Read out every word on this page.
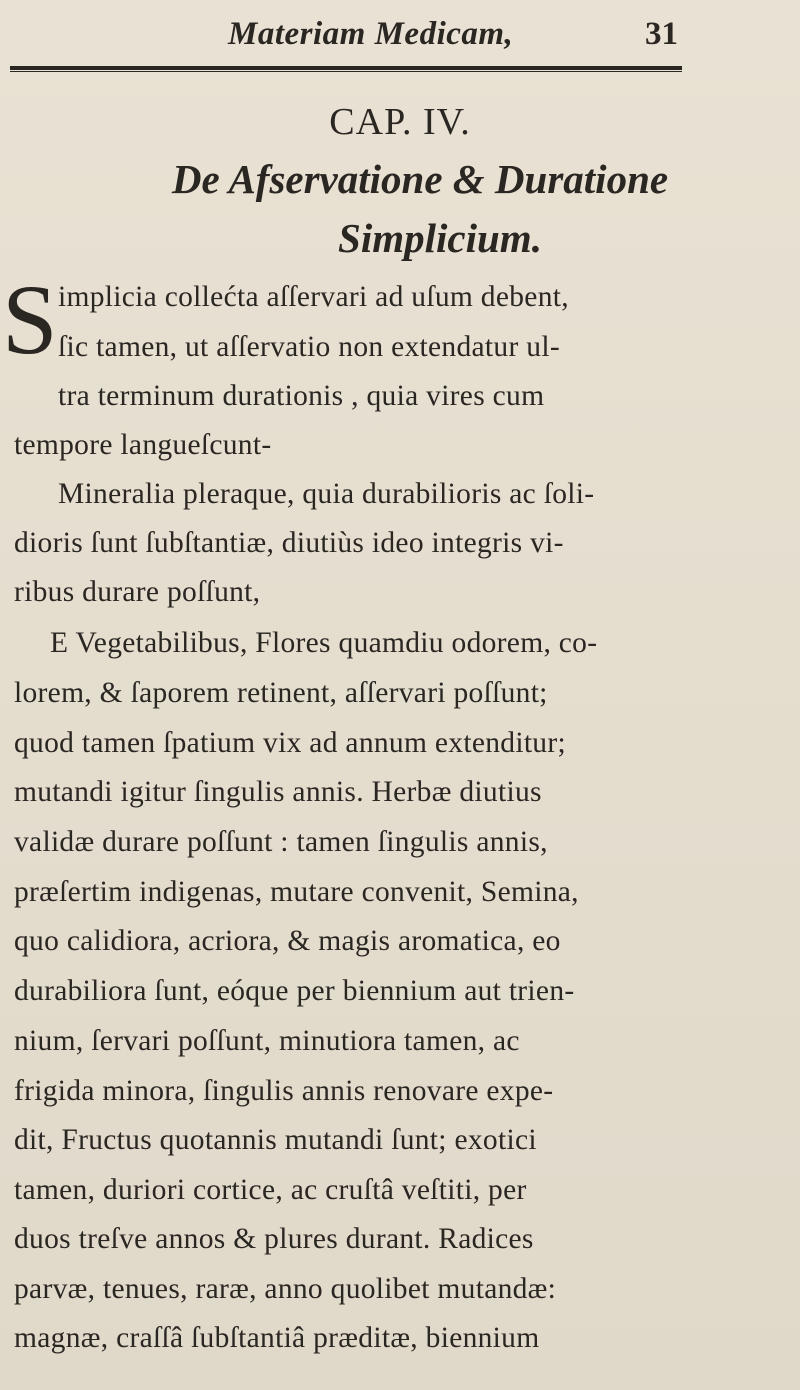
Materiam Medicam,	31
CAP. IV.
De Afservatione & Duratione
Simplicium.
S implicia collećta aſſervari ad uſum debent,
ſic tamen, ut aſſervatio non extendatur ul-
tra terminum durationis , quia vires cum
tempore langueſcunt-
Mineralia pleraque, quia durabilioris ac ſoli-
dioris ſunt ſubſtantiæ, diutiùs ideo integris vi-
ribus durare poſſunt,
E Vegetabilibus, Flores quamdiu odorem, co-
lorem, & ſaporem retinent, aſſervari poſſunt;
quod tamen ſpatium vix ad annum extenditur;
mutandi igitur ſingulis annis. Herbæ diutius
validæ durare poſſunt : tamen ſingulis annis,
præſertim indigenas, mutare convenit, Semina,
quo calidiora, acriora, & magis aromatica, eo
durabiliora ſunt, eóque per biennium aut trien-
nium, ſervari poſſunt, minutiora tamen, ac
frigida minora, ſingulis annis renovare expe-
dit, Fructus quotannis mutandi ſunt; exotici
tamen, duriori cortice, ac cruſtâ veſtiti, per
duos treſve annos & plures durant. Radices
parvæ, tenues, raræ, anno quolibet mutandæ:
magnæ, craſſâ ſubſtantiâ præditæ, biennium
